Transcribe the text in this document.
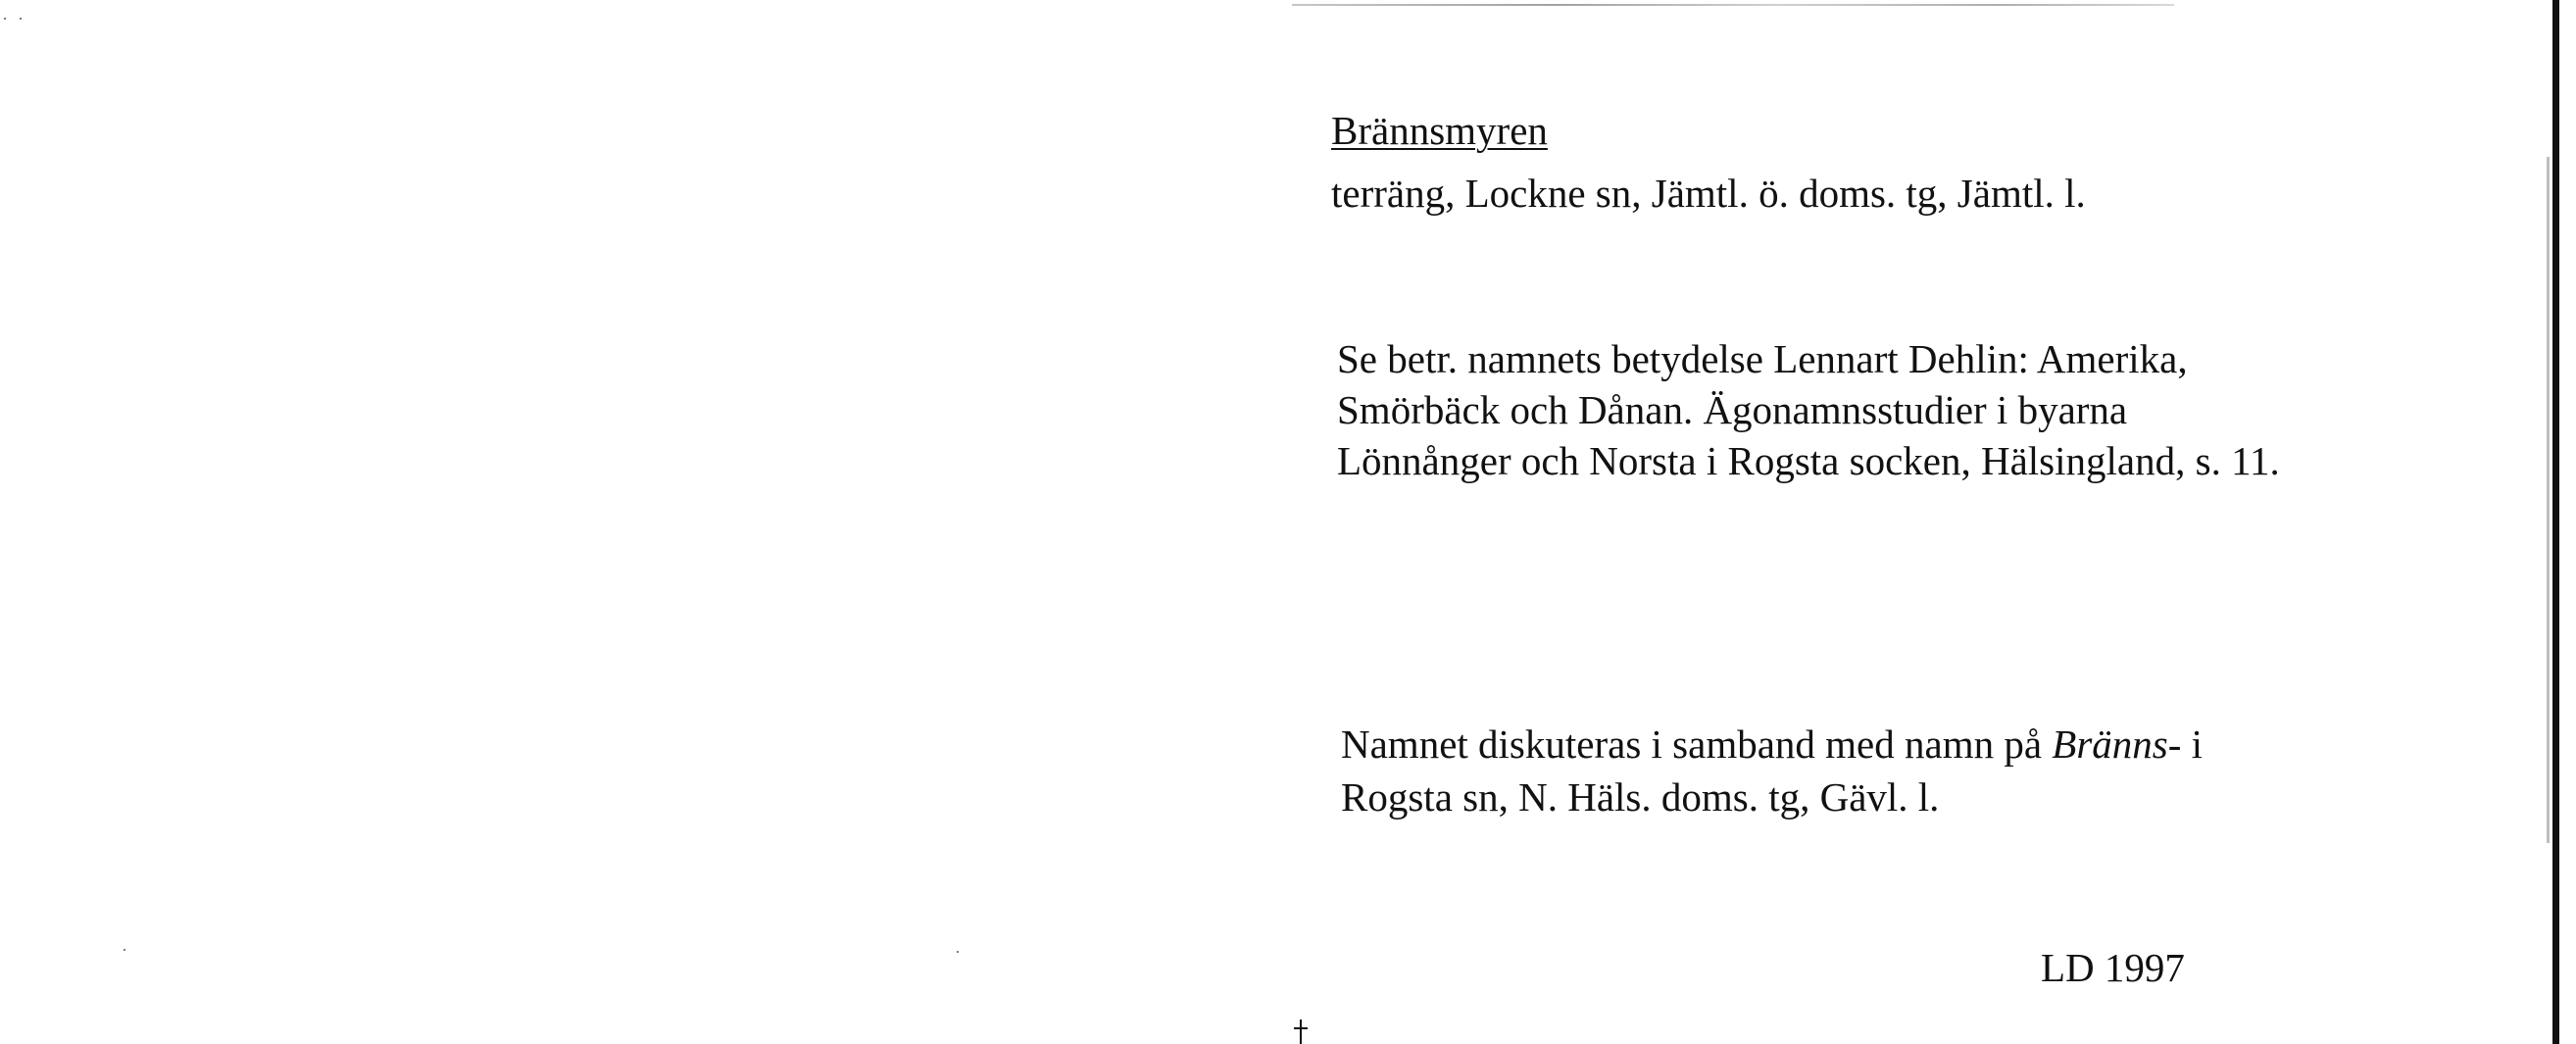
Brännsmyren
terräng, Lockne sn, Jämtl. ö. doms. tg, Jämtl. l.
Se betr. namnets betydelse Lennart Dehlin: Amerika,
Smörbäck och Dånan. Ägonamnsstudier i byarna
Lönnånger och Norsta i Rogsta socken, Hälsingland, s. 11.
Namnet diskuteras i samband med namn på Bränns- i
Rogsta sn, N. Häls. doms. tg, Gävl. l.
LD 1997
